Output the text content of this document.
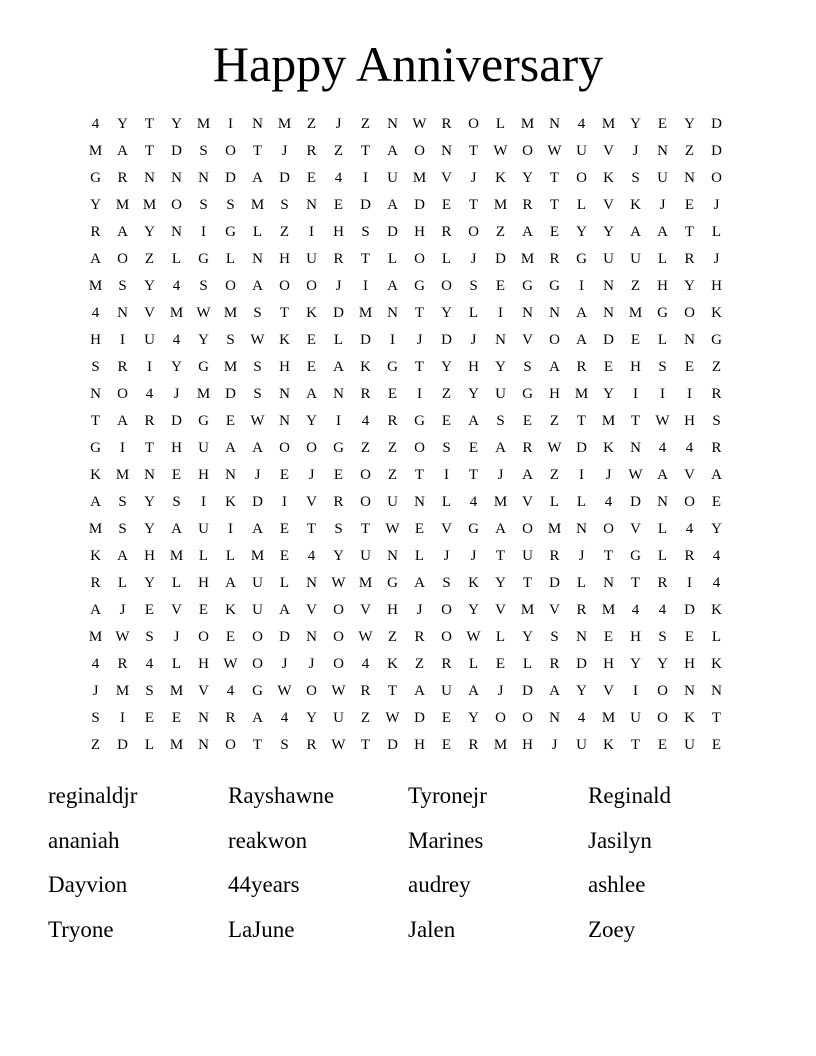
Happy Anniversary
4	Y	T	Y M	I	N M	Z	J	Z	N W R	O	L	M N	4	M Y	E	Y	D
M A	T	D	S	O	T	J	R	Z	T	A	O	N	T	W O W U	V	J	N	Z	D
G	R	N	N	N	D	A	D	E	4	I	U M V	J	K	Y	T	O	K	S	U	N	O
Y M M O	S	S	M	S	N	E	D	A	D	E	T	M	R	T	L	V	K	J	E	J
R	A	Y	N	I	G	L	Z	I	H	S	D	H	R	O	Z	A	E	Y	Y	A	A	T	L
A	O	Z	L	G	L	N	H	U	R	T	L	O	L	J	D M	R	G	U	U	L	R	J
M	S	Y	4	S	O	A	O	O	J	I	A	G	O	S	E	G	G	I	N	Z	H	Y	H
4	N	V M W M	S	T	K	D M N	T	Y	L	I	N	N	A	N M G	O	K
H	I	U	4	Y	S	W K	E	L	D	I	J	D	J	N	V	O	A	D	E	L	N	G
S	R	I	Y	G M	S	H	E	A	K	G	T	Y	H	Y	S	A	R	E	H	S	E	Z
N	O	4	J	M D	S	N	A	N	R	E	I	Z	Y	U	G	H M Y	I	I	I	R
T	A	R	D	G	E	W N	Y	I	4	R	G	E	A	S	E	Z	T	M	T	W H	S
G	I	T	H	U	A	A	O	O	G	Z	Z	O	S	E	A	R W D	K	N	4	4	R
K M N	E	H	N	J	E	J	E	O	Z	T	I	T	J	A	Z	I	J	W A	V	A
A	S	Y	S	I	K	D	I	V	R	O	U	N	L	4	M V	L	L	4	D	N	O	E
M	S	Y	A	U	I	A	E	T	S	T	W	E	V	G	A	O M N	O	V	L	4	Y
K	A	H M	L	L	M	E	4	Y	U	N	L	J	J	T	U	R	J	T	G	L	R	4
R	L	Y	L	H	A	U	L	N W M G	A	S	K	Y	T	D	L	N	T	R	I	4
A	J	E	V	E	K	U	A	V	O	V	H	J	O	Y	V M V	R	M	4	4	D	K
M W	S	J	O	E	O	D	N	O W	Z	R	O W	L	Y	S	N	E	H	S	E	L
4	R	4	L	H W O	J	J	O	4	K	Z	R	L	E	L	R	D	H	Y	Y	H	K
J	M	S	M V	4	G W O W R	T	A	U	A	J	D	A	Y	V	I	O	N	N
S	I	E	E	N	R	A	4	Y	U	Z	W D	E	Y	O	O	N	4	M U	O	K	T
Z	D	L	M N	O	T	S	R W	T	D	H	E	R	M H	J	U	K	T	E	U	E
reginaldjr	Rayshawne	Tyronejr	Reginald
ananiah	reakwon	Marines	Jasilyn
Dayvion	44years	audrey	ashlee
Tryone	LaJune	Jalen	Zoey
